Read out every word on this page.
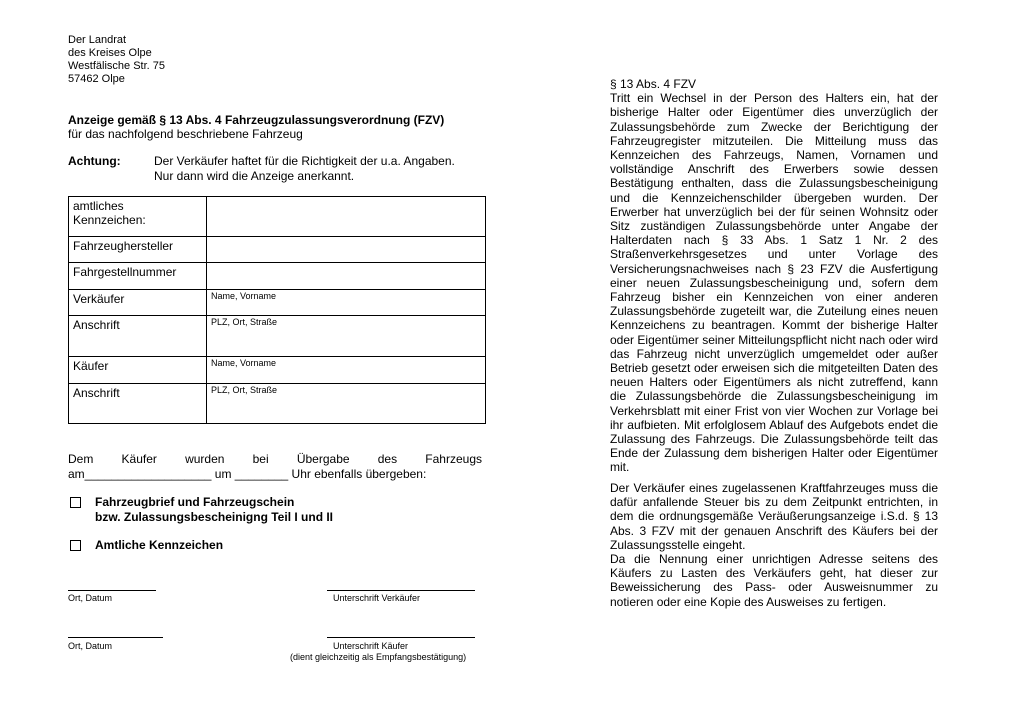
Der Landrat
des Kreises Olpe
Westfälische Str. 75
57462 Olpe
Anzeige gemäß § 13 Abs. 4 Fahrzeugzulassungsverordnung (FZV)
für das nachfolgend beschriebene Fahrzeug
Achtung:	Der Verkäufer haftet für die Richtigkeit der u.a. Angaben.
Nur dann wird die Anzeige anerkannt.
amtliches
Kennzeichen:	

Fahrzeughersteller	
Fahrgestellnummer	
Verkäufer	Name, Vorname
Anschrift	PLZ, Ort, Straße
Käufer	Name, Vorname
Anschrift	PLZ, Ort, Straße
Dem Käufer wurden bei Übergabe des Fahrzeugs
am___________________ um ________ Uhr ebenfalls übergeben:
Fahrzeugbrief und Fahrzeugschein
bzw. Zulassungsbescheinigng Teil I und II
Amtliche Kennzeichen
Ort, Datum	Unterschrift Verkäufer
Ort, Datum	Unterschrift Käufer
(dient gleichzeitig als Empfangsbestätigung)
§ 13 Abs. 4 FZV
Tritt ein Wechsel in der Person des Halters ein, hat der bisherige Halter oder Eigentümer dies unverzüglich der Zulassungsbehörde zum Zwecke der Berichtigung der Fahrzeugregister mitzuteilen. Die Mitteilung muss das Kennzeichen des Fahrzeugs, Namen, Vornamen und vollständige Anschrift des Erwerbers sowie dessen Bestätigung enthalten, dass die Zulassungsbescheinigung und die Kennzeichenschilder übergeben wurden. Der Erwerber hat unverzüglich bei der für seinen Wohnsitz oder Sitz zuständigen Zulassungsbehörde unter Angabe der Halterdaten nach § 33 Abs. 1 Satz 1 Nr. 2 des Straßenverkehrsgesetzes und unter Vorlage des Versicherungsnachweises nach § 23 FZV die Ausfertigung einer neuen Zulassungsbescheinigung und, sofern dem Fahrzeug bisher ein Kennzeichen von einer anderen Zulassungsbehörde zugeteilt war, die Zuteilung eines neuen Kennzeichens zu beantragen. Kommt der bisherige Halter oder Eigentümer seiner Mitteilungspflicht nicht nach oder wird das Fahrzeug nicht unverzüglich umgemeldet oder außer Betrieb gesetzt oder erweisen sich die mitgeteilten Daten des neuen Halters oder Eigentümers als nicht zutreffend, kann die Zulassungsbehörde die Zulassungsbescheinigung im Verkehrsblatt mit einer Frist von vier Wochen zur Vorlage bei ihr aufbieten. Mit erfolglosem Ablauf des Aufgebots endet die Zulassung des Fahrzeugs. Die Zulassungsbehörde teilt das Ende der Zulassung dem bisherigen Halter oder Eigentümer mit.
Der Verkäufer eines zugelassenen Kraftfahrzeuges muss die dafür anfallende Steuer bis zu dem Zeitpunkt entrichten, in dem die ordnungsgemäße Veräußerungsanzeige i.S.d. § 13 Abs. 3 FZV mit der genauen Anschrift des Käufers bei der Zulassungsstelle eingeht.
Da die Nennung einer unrichtigen Adresse seitens des Käufers zu Lasten des Verkäufers geht, hat dieser zur Beweissicherung des Pass- oder Ausweisnummer zu notieren oder eine Kopie des Ausweises zu fertigen.
